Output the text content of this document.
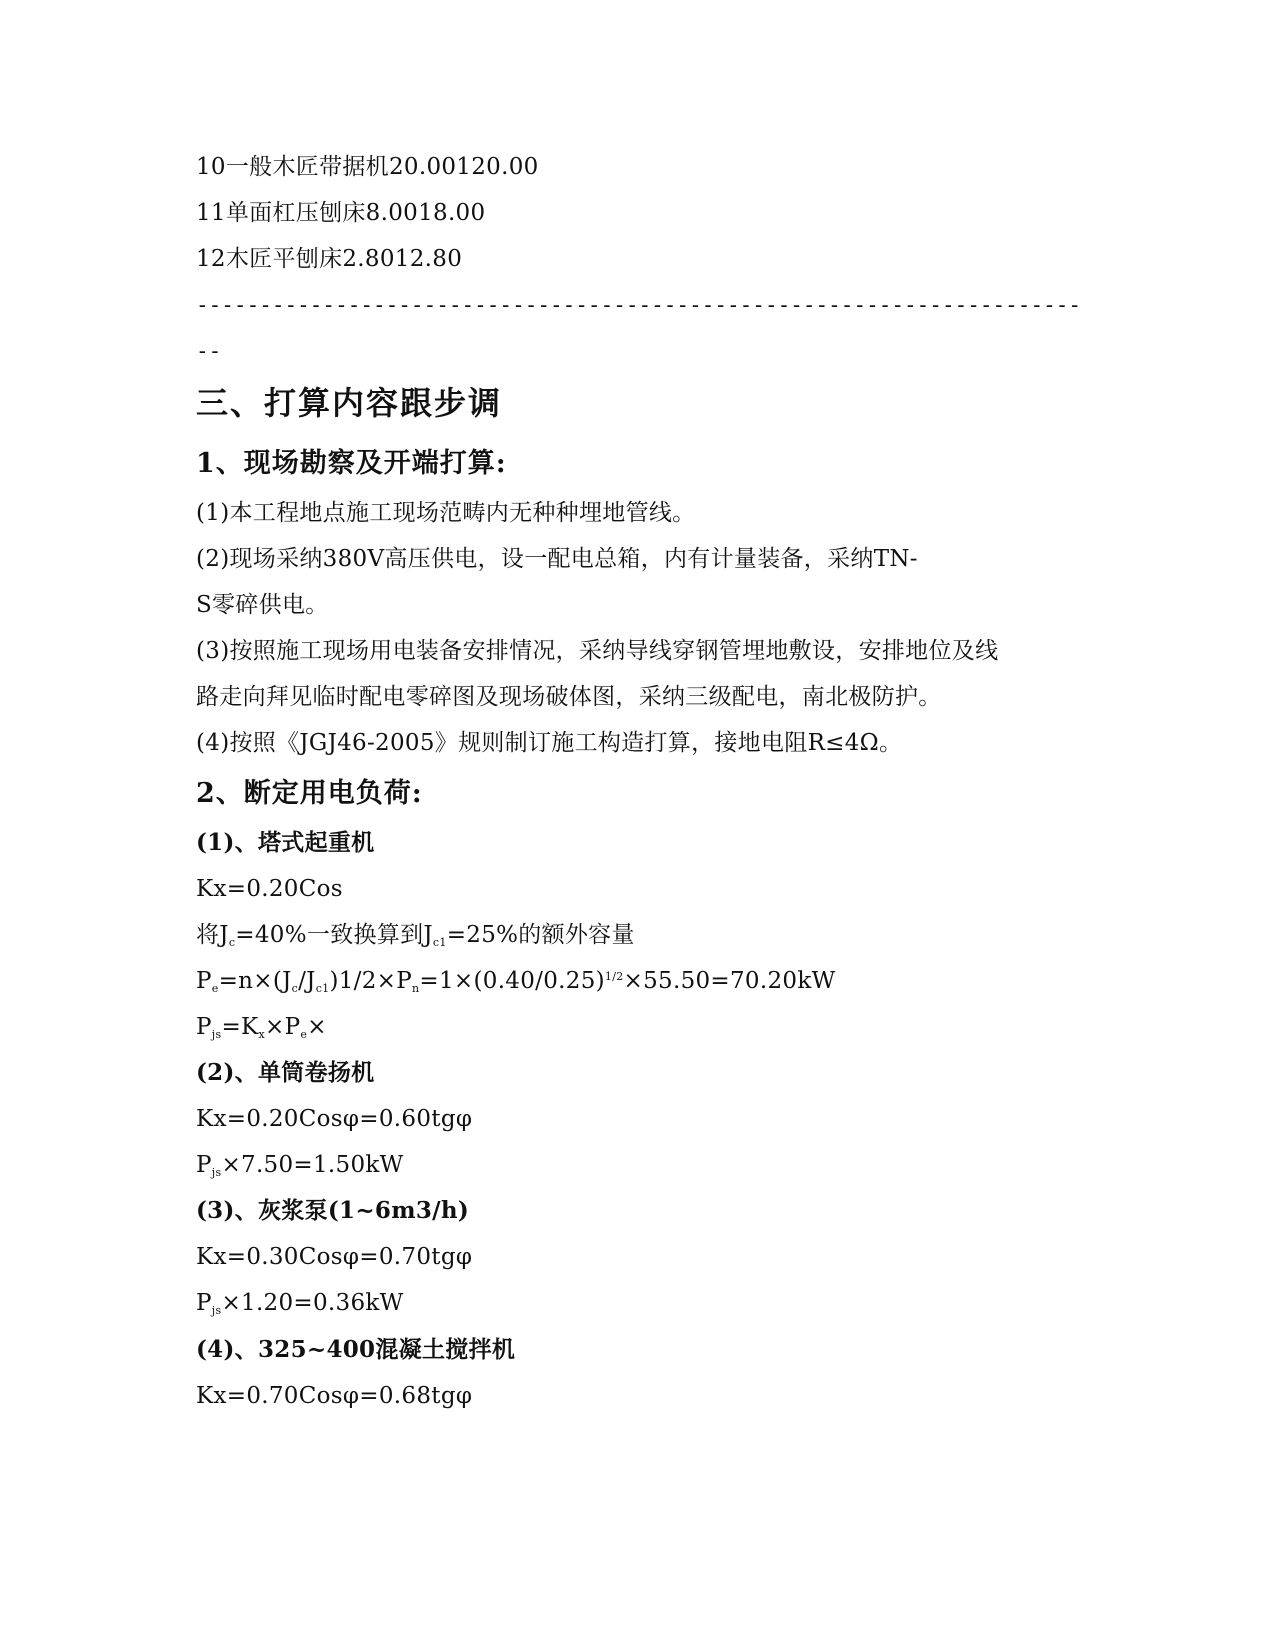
10一般木匠带据机20.00120.00
11单面杠压刨床8.0018.00
12木匠平刨床2.8012.80
----------------------------------------------------------------------
--
三、打算内容跟步调
1、现场勘察及开端打算:
(1)本工程地点施工现场范畴内无种种埋地管线。
(2)现场采纳380V高压供电，设一配电总箱，内有计量装备，采纳TN-
S零碎供电。
(3)按照施工现场用电装备安排情况，采纳导线穿钢管埋地敷设，安排地位及线
路走向拜见临时配电零碎图及现场破体图，采纳三级配电，南北极防护。
(4)按照《JGJ46-2005》规则制订施工构造打算，接地电阻R≤4Ω。
2、断定用电负荷:
(1)、塔式起重机
Kx=0.20Cos
将$J_c=40\%$一致换算到$J_{c1}=25\%$的额外容量
$P_e=n\times(J_c/J_{c1})1/2\times P_n=1\times(0.40/0.25)^{1/2}\times 55.50=70.20kW$
$P_{js}=K_x\times P_e\times$
(2)、单筒卷扬机
Kx=0.20Cosφ=0.60tgφ
$P_{js}\times 7.50=1.50kW$
(3)、灰浆泵(1~6m3/h)
Kx=0.30Cosφ=0.70tgφ
$P_{js}\times 1.20=0.36kW$
(4)、325~400混凝土搅拌机
Kx=0.70Cosφ=0.68tgφ
